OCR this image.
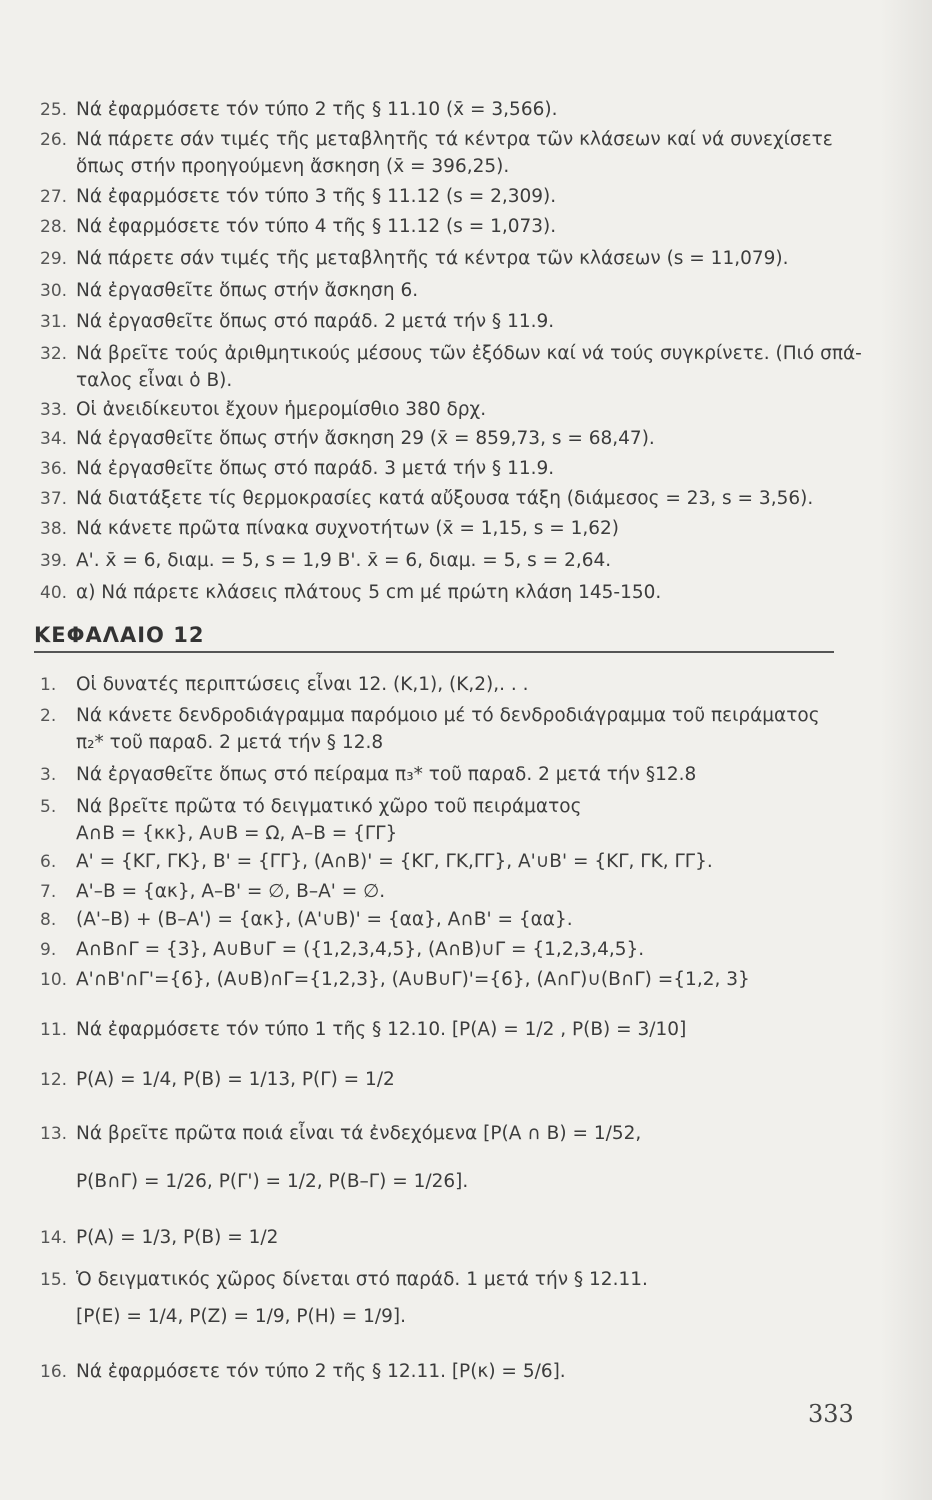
25. Νά ἐφαρμόσετε τόν τύπο 2 τῆς § 11.10 (x̄ = 3,566).
26. Νά πάρετε σάν τιμές τῆς μεταβλητῆς τά κέντρα τῶν κλάσεων καί νά συνεχίσετε
ὅπως στήν προηγούμενη ἄσκηση (x̄ = 396,25).
27. Νά ἐφαρμόσετε τόν τύπο 3 τῆς § 11.12 (s = 2,309).
28. Νά ἐφαρμόσετε τόν τύπο 4 τῆς § 11.12 (s = 1,073).
29. Νά πάρετε σάν τιμές τῆς μεταβλητῆς τά κέντρα τῶν κλάσεων (s = 11,079).
30. Νά ἐργασθεῖτε ὅπως στήν ἄσκηση 6.
31. Νά ἐργασθεῖτε ὅπως στό παράδ. 2 μετά τήν § 11.9.
32. Νά βρεῖτε τούς ἀριθμητικούς μέσους τῶν ἐξόδων καί νά τούς συγκρίνετε. (Πιό σπά-
ταλος εἶναι ὁ Β).
33. Οἱ ἀνειδίκευτοι ἔχουν ἡμερομίσθιο 380 δρχ.
34. Νά ἐργασθεῖτε ὅπως στήν ἄσκηση 29 (x̄ = 859,73, s = 68,47).
36. Νά ἐργασθεῖτε ὅπως στό παράδ. 3 μετά τήν § 11.9.
37. Νά διατάξετε τίς θερμοκρασίες κατά αὔξουσα τάξη (διάμεσος = 23, s = 3,56).
38. Νά κάνετε πρῶτα πίνακα συχνοτήτων (x̄ = 1,15, s = 1,62)
39. Α'. x̄ = 6, διαμ. = 5, s = 1,9 Β'. x̄ = 6, διαμ. = 5, s = 2,64.
40. α) Νά πάρετε κλάσεις πλάτους 5 cm μέ πρώτη κλάση 145-150.
ΚΕΦΑΛΑΙΟ 12
1. Οἱ δυνατές περιπτώσεις εἶναι 12. (Κ,1), (Κ,2),. . .
2. Νά κάνετε δενδροδιάγραμμα παρόμοιο μέ τό δενδροδιάγραμμα τοῦ πειράματος
π₂* τοῦ παραδ. 2 μετά τήν § 12.8
3. Νά ἐργασθεῖτε ὅπως στό πείραμα π₃* τοῦ παραδ. 2 μετά τήν §12.8
5. Νά βρεῖτε πρῶτα τό δειγματικό χῶρο τοῦ πειράματος
Α∩Β = {κκ}, Α∪Β = Ω, Α–Β = {ΓΓ}
6. Α' = {ΚΓ, ΓΚ}, Β' = {ΓΓ}, (Α∩Β)' = {ΚΓ, ΓΚ,ΓΓ}, Α'∪Β' = {ΚΓ, ΓΚ, ΓΓ}.
7. Α'–Β = {ακ}, Α–Β' = ∅, Β–Α' = ∅.
8. (Α'–Β) + (Β–Α') = {ακ}, (Α'∪Β)' = {αα}, Α∩Β' = {αα}.
9. Α∩Β∩Γ = {3}, Α∪Β∪Γ = ({1,2,3,4,5}, (Α∩Β)∪Γ = {1,2,3,4,5}.
10. Α'∩Β'∩Γ'={6}, (Α∪Β)∩Γ={1,2,3}, (Α∪Β∪Γ)'={6}, (Α∩Γ)∪(Β∩Γ) ={1,2, 3}
11. Νά ἐφαρμόσετε τόν τύπο 1 τῆς § 12.10. [Ρ(Α) = 1/2 , Ρ(Β) = 3/10]
12. Ρ(Α) = 1/4, Ρ(Β) = 1/13, Ρ(Γ) = 1/2
13. Νά βρεῖτε πρῶτα ποιά εἶναι τά ἐνδεχόμενα [Ρ(Α ∩ Β) = 1/52,
Ρ(Β∩Γ) = 1/26, Ρ(Γ') = 1/2, Ρ(Β–Γ) = 1/26].
14. Ρ(Α) = 1/3, Ρ(Β) = 1/2
15. Ὁ δειγματικός χῶρος δίνεται στό παράδ. 1 μετά τήν § 12.11.
[Ρ(Ε) = 1/4, Ρ(Ζ) = 1/9, Ρ(Η) = 1/9].
16. Νά ἐφαρμόσετε τόν τύπο 2 τῆς § 12.11. [Ρ(κ) = 5/6].
333
